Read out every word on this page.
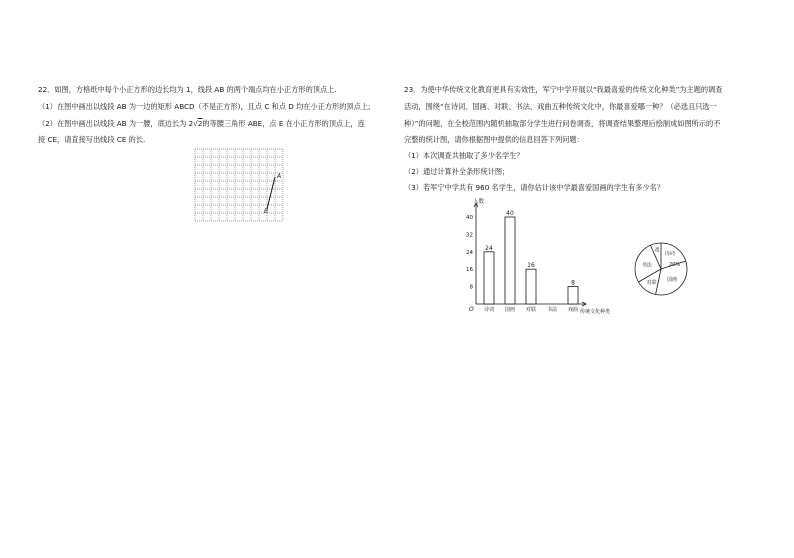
22．如图，方格纸中每个小正方形的边长均为 1，线段 AB 的两个端点均在小正方形的顶点上.
（1）在图中画出以线段 AB 为一边的矩形 ABCD（不是正方形)，且点 C 和点 D 均在小正方形的顶点上;
（2）在图中画出以线段 AB 为一腰，底边长为 2√2的等腰三角形 ABE，点 E 在小正方形的顶点上，连
接 CE，请直接写出线段 CE 的长.
A
B
23．为使中华传统文化教育更具有实效性，军宁中学开展以“我最喜爱的传统文化种类”为主题的调查
活动，围绕“在诗词、国画、对联、书法、戏曲五种传统文化中，你最喜爱哪一种？（必选且只选一
种）”的问题，在全校范围内随机抽取部分学生进行问卷调查，将调查结果整理后绘制成如图所示的不
完整的统计图，请你根据图中提供的信息回答下列问题：
（1）本次调查共抽取了多少名学生？
（2）通过计算补全条形统计图；
（3）若军宁中学共有 960 名学生，请你估计该中学最喜爱国画的学生有多少名？
8
16
24
32
40
24
40
16
8
诗词 国画 对联 书法 戏曲
人数
传统文化种类
O
诗词
国画
对联
书法
戏
20%
